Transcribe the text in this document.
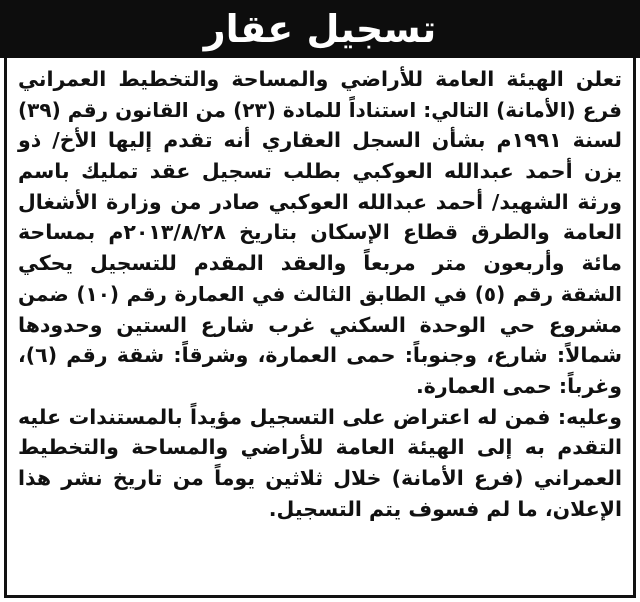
تسجيل عقار
تعلن الهيئة العامة للأراضي والمساحة والتخطيط العمراني
فرع (الأمانة) التالي: استناداً للمادة (٢٣) من القانون رقم (٣٩)
لسنة ١٩٩١م بشأن السجل العقاري أنه تقدم إليها الأخ/ ذو
يزن أحمد عبدالله العوكبي بطلب تسجيل عقد تمليك باسم
ورثة الشهيد/ أحمد عبدالله العوكبي صادر من وزارة الأشغال
العامة والطرق قطاع الإسكان بتاريخ ٢٠١٣/٨/٢٨م بمساحة
مائة وأربعون متر مربعاً والعقد المقدم للتسجيل يحكي
الشقة رقم (٥) في الطابق الثالث في العمارة رقم (١٠) ضمن
مشروع حي الوحدة السكني غرب شارع الستين وحدودها
شمالاً: شارع، وجنوباً: حمى العمارة، وشرقاً: شقة رقم (٦)،
وغرباً: حمى العمارة.
وعليه: فمن له اعتراض على التسجيل مؤيداً بالمستندات عليه
التقدم به إلى الهيئة العامة للأراضي والمساحة والتخطيط
العمراني (فرع الأمانة) خلال ثلاثين يوماً من تاريخ نشر هذا
الإعلان، ما لم فسوف يتم التسجيل.
